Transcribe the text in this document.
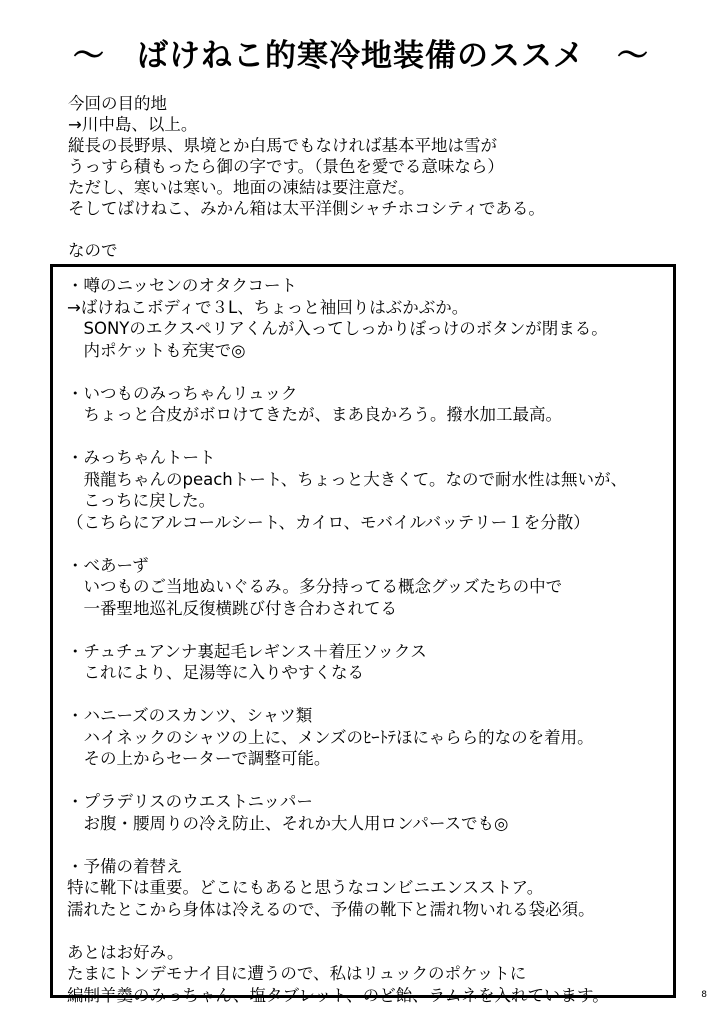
～　ばけねこ的寒冷地装備のススメ　～
今回の目的地
→川中島、以上。
縦長の長野県、県境とか白馬でもなければ基本平地は雪が
うっすら積もったら御の字です。（景色を愛でる意味なら）
ただし、寒いは寒い。地面の凍結は要注意だ。
そしてばけねこ、みかん箱は太平洋側シャチホコシティである。
なので
・噂のニッセンのオタクコート
→ばけねこボディで３L、ちょっと袖回りはぶかぶか。
　SONYのエクスペリアくんが入ってしっかりぼっけのボタンが閉まる。
　内ポケットも充実で◎
・いつものみっちゃんリュック
　ちょっと合皮がボロけてきたが、まあ良かろう。撥水加工最高。
・みっちゃんトート
　飛龍ちゃんのpeachトート、ちょっと大きくて。なので耐水性は無いが、
　こっちに戻した。
（こちらにアルコールシート、カイロ、モバイルバッテリー１を分散）
・べあーず
　いつものご当地ぬいぐるみ。多分持ってる概念グッズたちの中で
　一番聖地巡礼反復横跳び付き合わされてる
・チュチュアンナ裏起毛レギンス＋着圧ソックス
　これにより、足湯等に入りやすくなる
・ハニーズのスカンツ、シャツ類
　ハイネックのシャツの上に、メンズのﾋｰﾄﾃほにゃらら的なのを着用。
　その上からセーターで調整可能。
・プラデリスのウエストニッパー
　お腹・腰周りの冷え防止、それか大人用ロンパースでも◎
・予備の着替え
特に靴下は重要。どこにもあると思うなコンビニエンスストア。
濡れたとこから身体は冷えるので、予備の靴下と濡れ物いれる袋必須。
あとはお好み。
たまにトンデモナイ目に遭うので、私はリュックのポケットに
編制羊羹のみっちゃん、塩タブレット、のど飴、ラムネを入れています。	8
